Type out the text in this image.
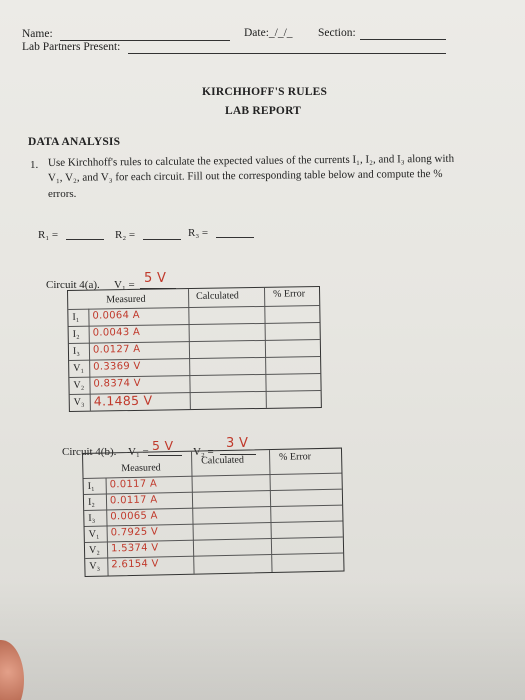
Name:	Date:_/_/_ Section:
Lab Partners Present:
KIRCHHOFF'S RULES
LAB REPORT
DATA ANALYSIS
1. Use Kirchhoff's rules to calculate the expected values of the currents I₁, I₂, and I₃ along with
V₁, V₂, and V₃ for each circuit. Fill out the corresponding table below and compute the %
errors.
R₁ =	R₂ =	R₃ =
Circuit 4(a). V₁ = 5 V
Measured	Calculated	% Error
I₁ 0.0064 A
I₂ 0.0043 A
I₃ 0.0127 A
V₁ 0.3369 V
V₂ 0.8374 V
V₃ 4.1485 V
Circuit 4(b). V₁ = 5 V V₂ =
3 V
Measured
Calculated	% Error
I₁ 0.0117 A
I₂ 0.0117 A
I₃ 0.0065 A
V₁ 0.7925 V
V₂ 1.5374 V
V₃ 2.6154 V
